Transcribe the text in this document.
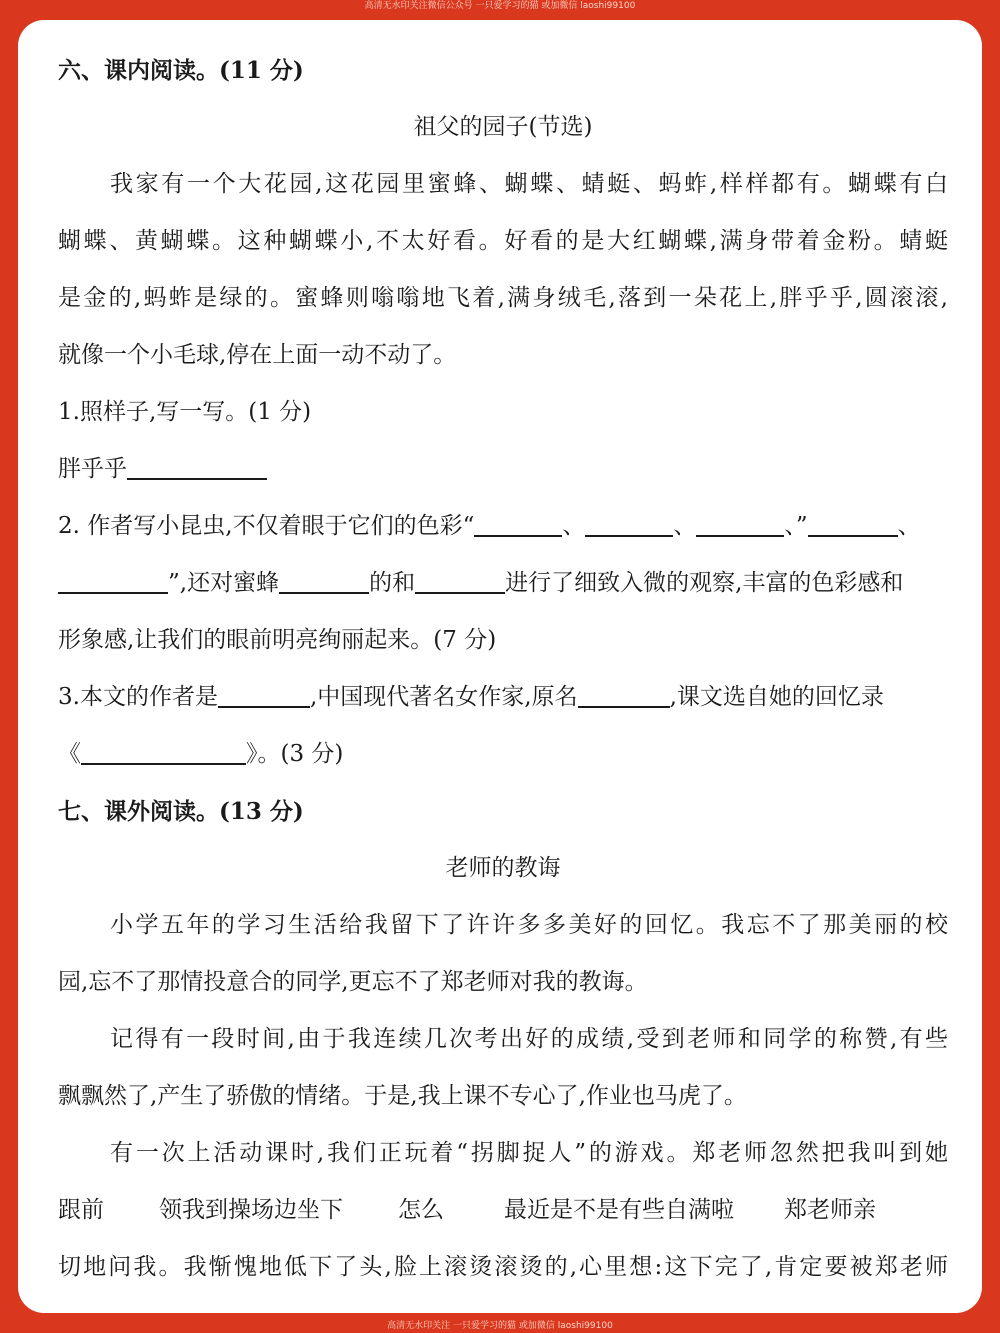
高清无水印关注微信公众号 一只爱学习的猫 或加微信 laoshi99100
六、课内阅读。(11 分)
祖父的园子(节选)
我家有一个大花园,这花园里蜜蜂、蝴蝶、蜻蜓、蚂蚱,样样都有。蝴蝶有白
蝴蝶、黄蝴蝶。这种蝴蝶小,不太好看。好看的是大红蝴蝶,满身带着金粉。蜻蜓
是金的,蚂蚱是绿的。蜜蜂则嗡嗡地飞着,满身绒毛,落到一朵花上,胖乎乎,圆滚滚,
就像一个小毛球,停在上面一动不动了。
1.照样子,写一写。(1 分)
胖乎乎
2. 作者写小昆虫,不仅着眼于它们的色彩“	、	、	、”	、
”,还对蜜蜂	的和	进行了细致入微的观察,丰富的色彩感和
形象感,让我们的眼前明亮绚丽起来。(7 分)
3.本文的作者是	,中国现代著名女作家,原名	,课文选自她的回忆录
《	》。(3 分)
七、课外阅读。(13 分)
老师的教诲
小学五年的学习生活给我留下了许许多多美好的回忆。我忘不了那美丽的校
园,忘不了那情投意合的同学,更忘不了郑老师对我的教诲。
记得有一段时间,由于我连续几次考出好的成绩,受到老师和同学的称赞,有些
飘飘然了,产生了骄傲的情绪。于是,我上课不专心了,作业也马虎了。
有一次上活动课时,我们正玩着“拐脚捉人”的游戏。郑老师忽然把我叫到她
跟前 领我到操场边坐下 怎么	最近是不是有些自满啦 郑老师亲
切地问我。我惭愧地低下了头,脸上滚烫滚烫的,心里想:这下完了,肯定要被郑老师
高清无水印关注 一只爱学习的猫 或加微信 laoshi99100
